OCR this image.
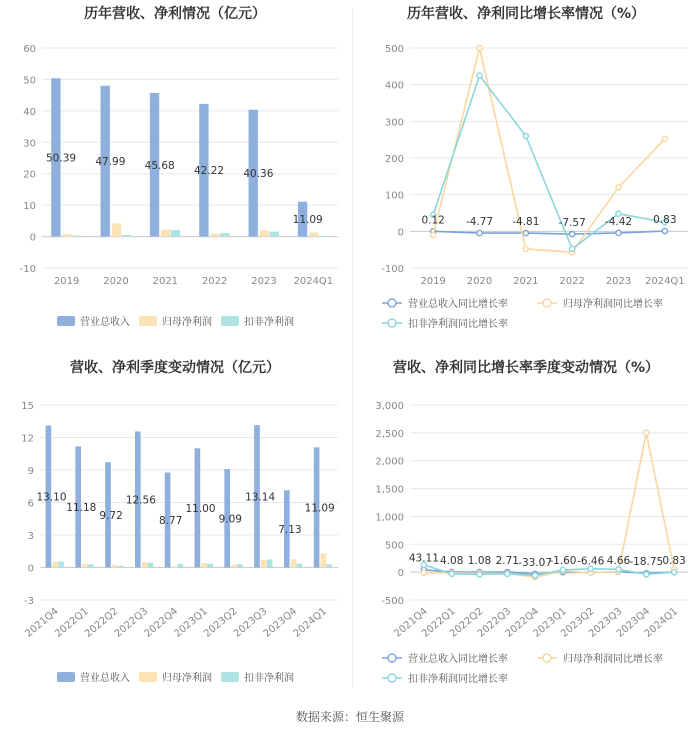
历年营收、净利情况（亿元）
-10
0
10
20
30
40
50
60
2019 2020 2021 2022 2023 2024Q1
50.39 47.99 45.68 42.22 40.36
11.09
营业总收入	归母净利润	扣非净利润
历年营收、净利同比增长率情况（%）
-100
0
100
200
300
400
500
2019 2020 2021 2022 2023 2024Q1
0.12 -4.77 -4.81 -7.57 -4.42 0.83
营业总收入同比增长率	归母净利润同比增长率
扣非净利润同比增长率
营收、净利季度变动情况（亿元）
-3
0
3
6
9
12
15
2021Q4
2022Q1
2022Q2
2022Q3
2022Q4
2023Q1
2023Q2
2023Q3
2023Q4
2024Q1
13.10
11.18
9.72
12.56
8.77
11.00
9.09
13.14
7.13
11.09
营业总收入	归母净利润	扣非净利润
营收、净利同比增长率季度变动情况（%）
-500
0
500
1,000
1,500
2,000
2,500
3,000
2021Q4
2022Q1
2022Q2
2022Q3
2022Q4
2023Q1
2023Q2
2023Q3
2023Q4
2024Q1
43.11 4.08 1.08 2.71 -33.07
-1.60 -6.46 4.66 -18.75 0.83
营业总收入同比增长率	归母净利润同比增长率
扣非净利润同比增长率
数据来源：恒生聚源
